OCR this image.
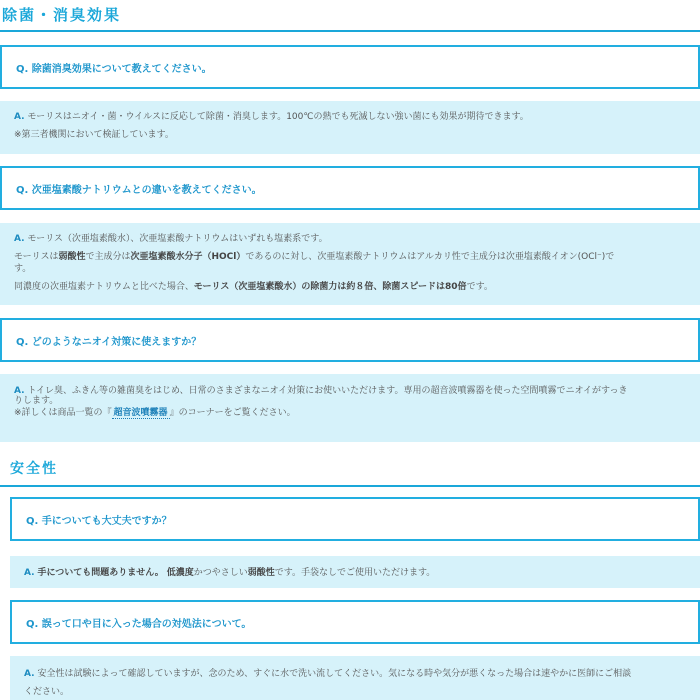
除菌・消臭効果
Q. 除菌消臭効果について教えてください。

A. モーリスはニオイ・菌・ウイルスに反応して除菌・消臭します。100℃の熱でも死滅しない強い菌にも効果が期待できます。

※第三者機関において検証しています。

Q. 次亜塩素酸ナトリウムとの違いを教えてください。

A. モーリス（次亜塩素酸水）、次亜塩素酸ナトリウムはいずれも塩素系です。

モーリスは弱酸性で主成分は次亜塩素酸水分子（HOCl）であるのに対し、次亜塩素酸ナトリウムはアルカリ性で主成分は次亜塩素酸イオン(OCl⁻)で

す。

同濃度の次亜塩素ナトリウムと比べた場合、モーリス（次亜塩素酸水）の除菌力は約８倍、除菌スピードは80倍です。

Q. どのようなニオイ対策に使えますか？

A. トイレ臭、ふきん等の雑菌臭をはじめ、日常のさまざまなニオイ対策にお使いいただけます。専用の超音波噴霧器を使った空間噴霧でニオイがすっき

りします。

※詳しくは商品一覧の『 超音波噴霧器 』のコーナーをご覧ください。

安全性
Q. 手についても大丈夫ですか？

A. 手についても問題ありません。 低濃度かつやさしい弱酸性です。手袋なしでご使用いただけます。

Q. 誤って口や目に入った場合の対処法について。

A. 安全性は試験によって確認していますが、念のため、すぐに水で洗い流してください。気になる時や気分が悪くなった場合は速やかに医師にご相談

ください。
